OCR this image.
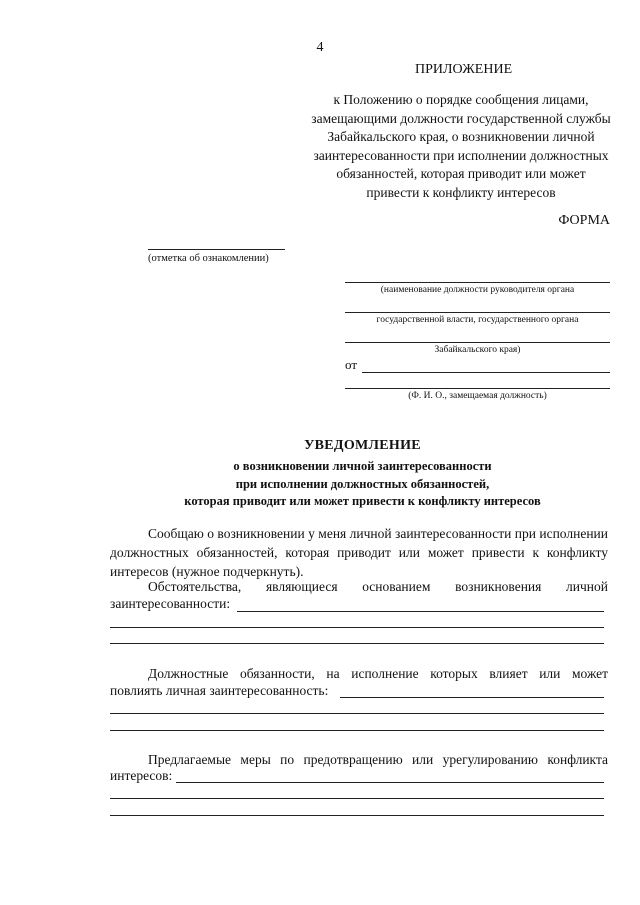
4
ПРИЛОЖЕНИЕ
к Положению о порядке сообщения лицами, замещающими должности государственной службы Забайкальского края, о возникновении личной заинтересованности при исполнении должностных обязанностей, которая приводит или может привести к конфликту интересов
ФОРМА
(отметка об ознакомлении)
(наименование должности руководителя органа
государственной власти, государственного органа
Забайкальского края)
от
(Ф. И. О., замещаемая должность)
УВЕДОМЛЕНИЕ
о возникновении личной заинтересованности
при исполнении должностных обязанностей,
которая приводит или может привести к конфликту интересов
Сообщаю о возникновении у меня личной заинтересованности при исполнении должностных обязанностей, которая приводит или может привести к конфликту интересов (нужное подчеркнуть).
Обстоятельства, являющиеся основанием возникновения личной
заинтересованности:
Должностные обязанности, на исполнение которых влияет или может
повлиять личная заинтересованность:
Предлагаемые меры по предотвращению или урегулированию конфликта
интересов:
